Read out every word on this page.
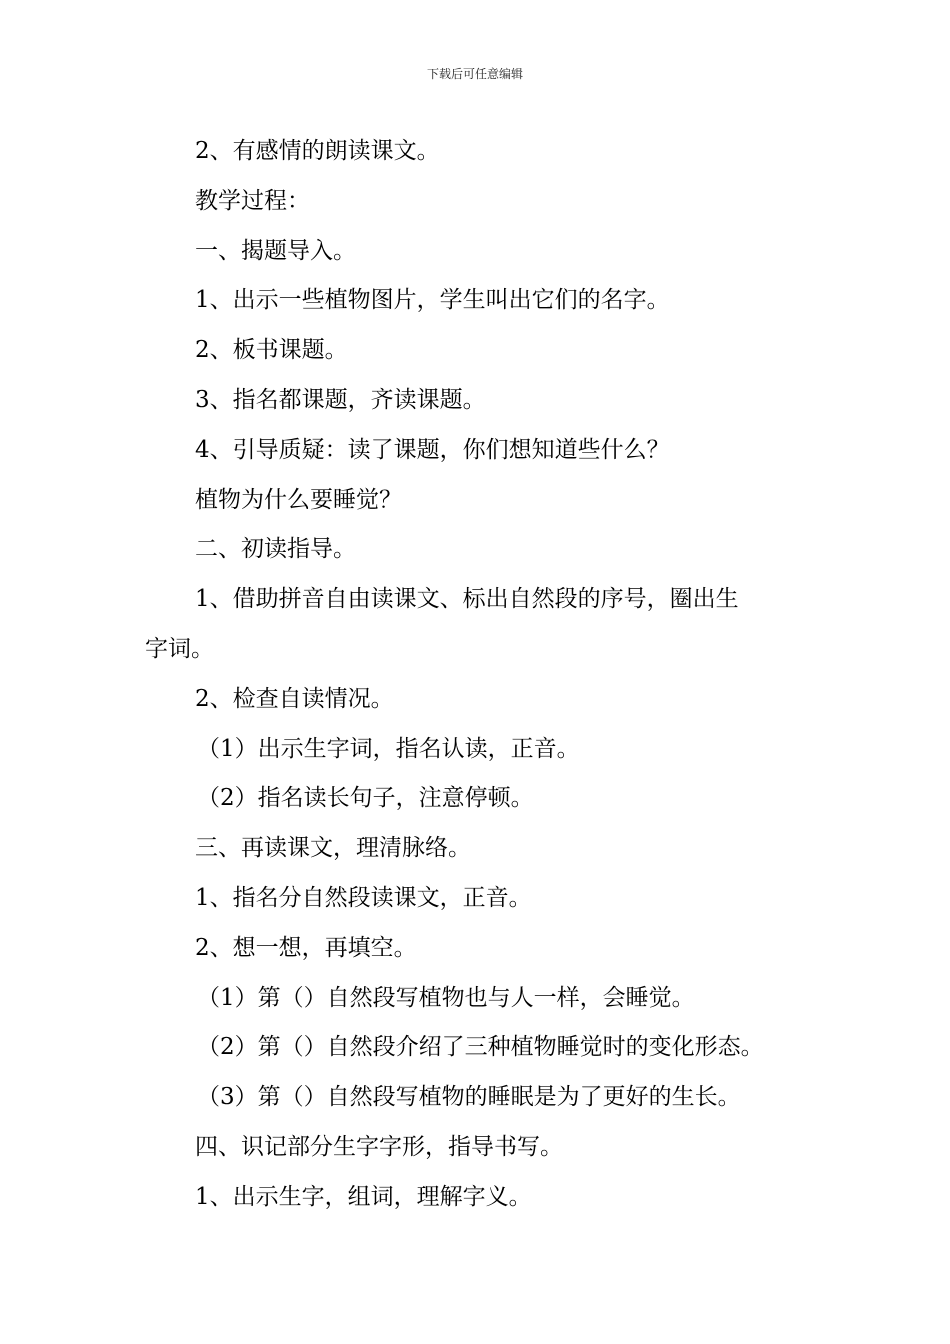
下载后可任意编辑
2、有感情的朗读课文。
教学过程：
一、揭题导入。
1、出示一些植物图片，学生叫出它们的名字。
2、板书课题。
3、指名都课题，齐读课题。
4、引导质疑：读了课题，你们想知道些什么？
植物为什么要睡觉？
二、初读指导。
1、借助拼音自由读课文、标出自然段的序号，圈出生
字词。
2、检查自读情况。
（1）出示生字词，指名认读，正音。
（2）指名读长句子，注意停顿。
三、再读课文，理清脉络。
1、指名分自然段读课文，正音。
2、想一想，再填空。
（1）第（）自然段写植物也与人一样，会睡觉。
（2）第（）自然段介绍了三种植物睡觉时的变化形态。
（3）第（）自然段写植物的睡眠是为了更好的生长。
四、识记部分生字字形，指导书写。
1、出示生字，组词，理解字义。
